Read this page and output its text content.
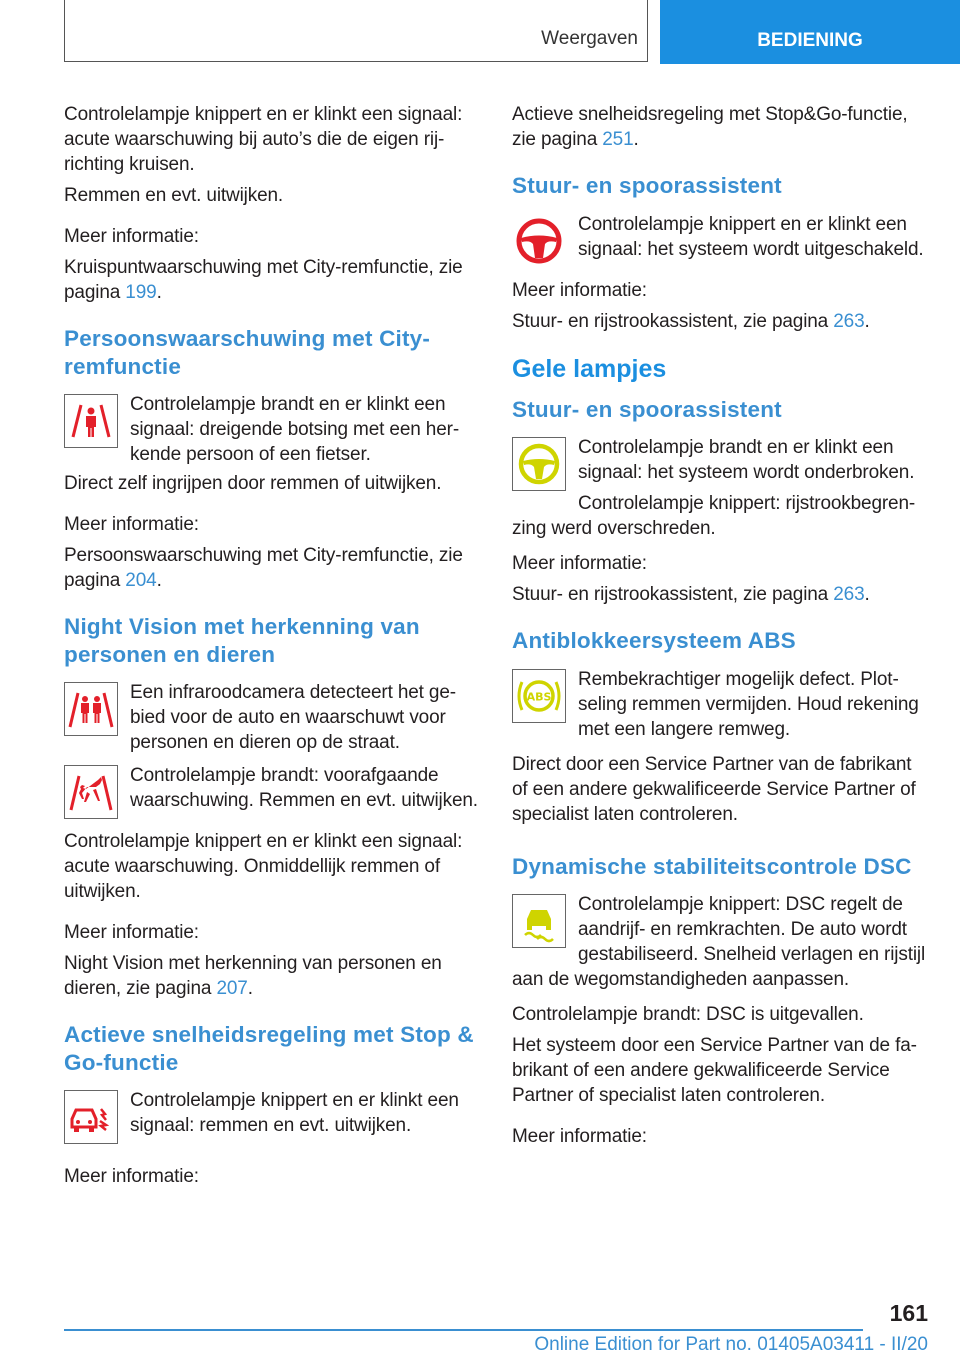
Weergaven	BEDIENING

Controlelampje knippert en er klinkt een signaal: acute waarschuwing bij auto’s die de eigen rijrichting kruisen.

Remmen en evt. uitwijken.

Meer informatie:

Kruispuntwaarschuwing met City-remfunctie, zie pagina 199.

Persoonswaarschuwing met City-remfunctie

Controlelampje brandt en er klinkt een signaal: dreigende botsing met een herkende persoon of een fietser.

Direct zelf ingrijpen door remmen of uitwijken.

Meer informatie:

Persoonswaarschuwing met City-remfunctie, zie pagina 204.

Night Vision met herkenning van personen en dieren

Een infraroodcamera detecteert het gebied voor de auto en waarschuwt voor personen en dieren op de straat.

Controlelampje brandt: voorafgaande waarschuwing. Remmen en evt. uitwijken.

Controlelampje knippert en er klinkt een signaal: acute waarschuwing. Onmiddellijk remmen of uitwijken.

Meer informatie:

Night Vision met herkenning van personen en dieren, zie pagina 207.

Actieve snelheidsregeling met Stop & Go-functie

Controlelampje knippert en er klinkt een signaal: remmen en evt. uitwijken.

Meer informatie:

Actieve snelheidsregeling met Stop&Go-functie, zie pagina 251.

Stuur- en spoorassistent

Controlelampje knippert en er klinkt een signaal: het systeem wordt uitgeschakeld.

Meer informatie:

Stuur- en rijstrookassistent, zie pagina 263.

Gele lampjes
Stuur- en spoorassistent

Controlelampje brandt en er klinkt een signaal: het systeem wordt onderbroken.

Controlelampje knippert: rijstrookbegrenzing werd overschreden.

Meer informatie:

Stuur- en rijstrookassistent, zie pagina 263.

Antiblokkeersysteem ABS
ABS

Rembekrachtiger mogelijk defect. Plotseling remmen vermijden. Houd rekening met een langere remweg.

Direct door een Service Partner van de fabrikant of een andere gekwalificeerde Service Partner of specialist laten controleren.

Dynamische stabiliteitscontrole DSC

Controlelampje knippert: DSC regelt de aandrijf- en remkrachten. De auto wordt gestabiliseerd. Snelheid verlagen en rijstijl aan de wegomstandigheden aanpassen.

Controlelampje brandt: DSC is uitgevallen.

Het systeem door een Service Partner van de fabrikant of een andere gekwalificeerde Service Partner of specialist laten controleren.

Meer informatie:

161
Online Edition for Part no. 01405A03411 - II/20
